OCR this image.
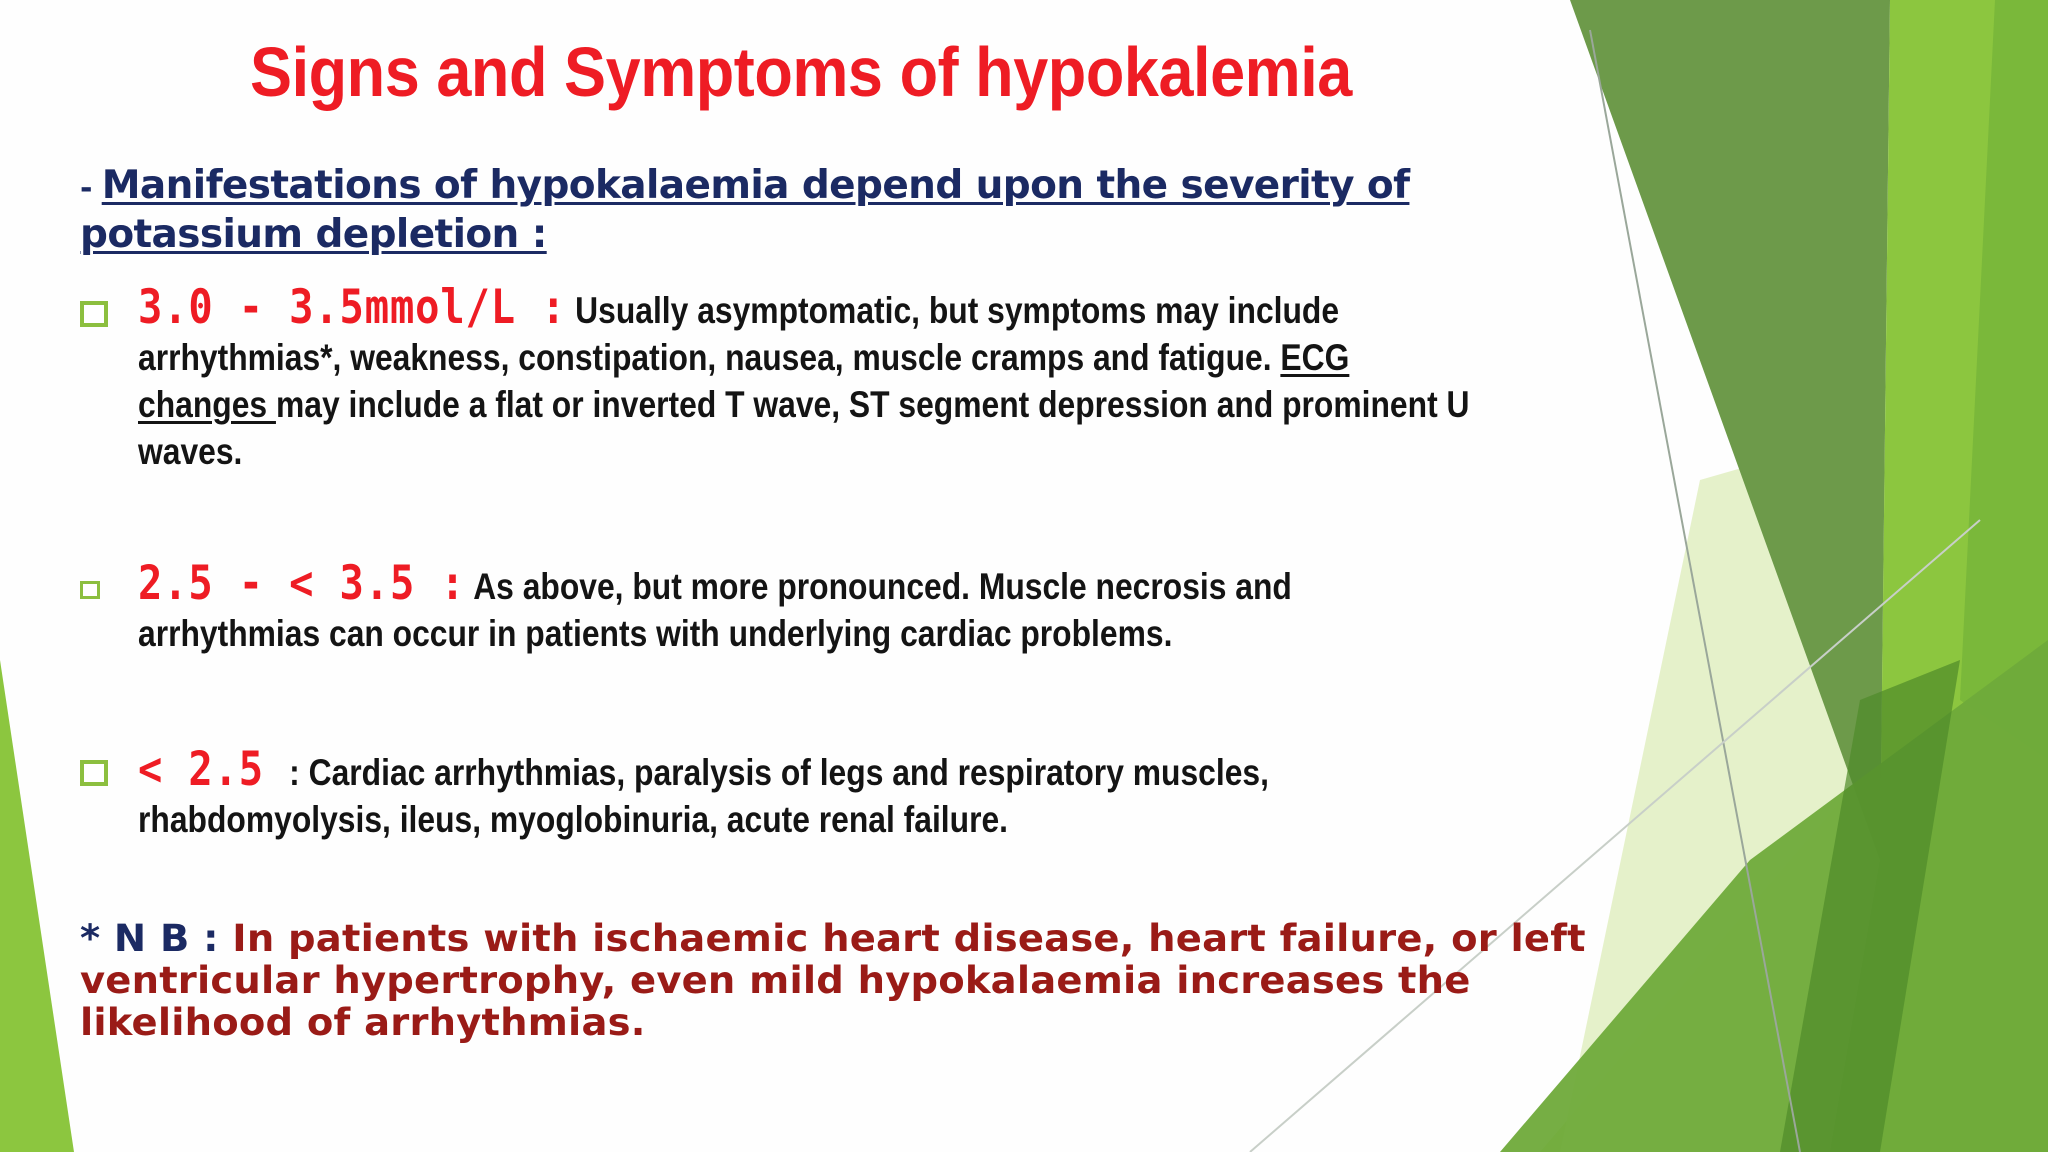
Signs and Symptoms of hypokalemia

- Manifestations of hypokalaemia depend upon the severity of potassium depletion :

3.0 - 3.5mmol/L : Usually asymptomatic, but symptoms may include arrhythmias*, weakness, constipation, nausea, muscle cramps and fatigue. ECG changes may include a flat or inverted T wave, ST segment depression and prominent U waves.
2.5 - < 3.5 : As above, but more pronounced. Muscle necrosis and arrhythmias can occur in patients with underlying cardiac problems.
< 2.5 : Cardiac arrhythmias, paralysis of legs and respiratory muscles, rhabdomyolysis, ileus, myoglobinuria, acute renal failure.

* N B : In patients with ischaemic heart disease, heart failure, or left ventricular hypertrophy, even mild hypokalaemia increases the likelihood of arrhythmias.
